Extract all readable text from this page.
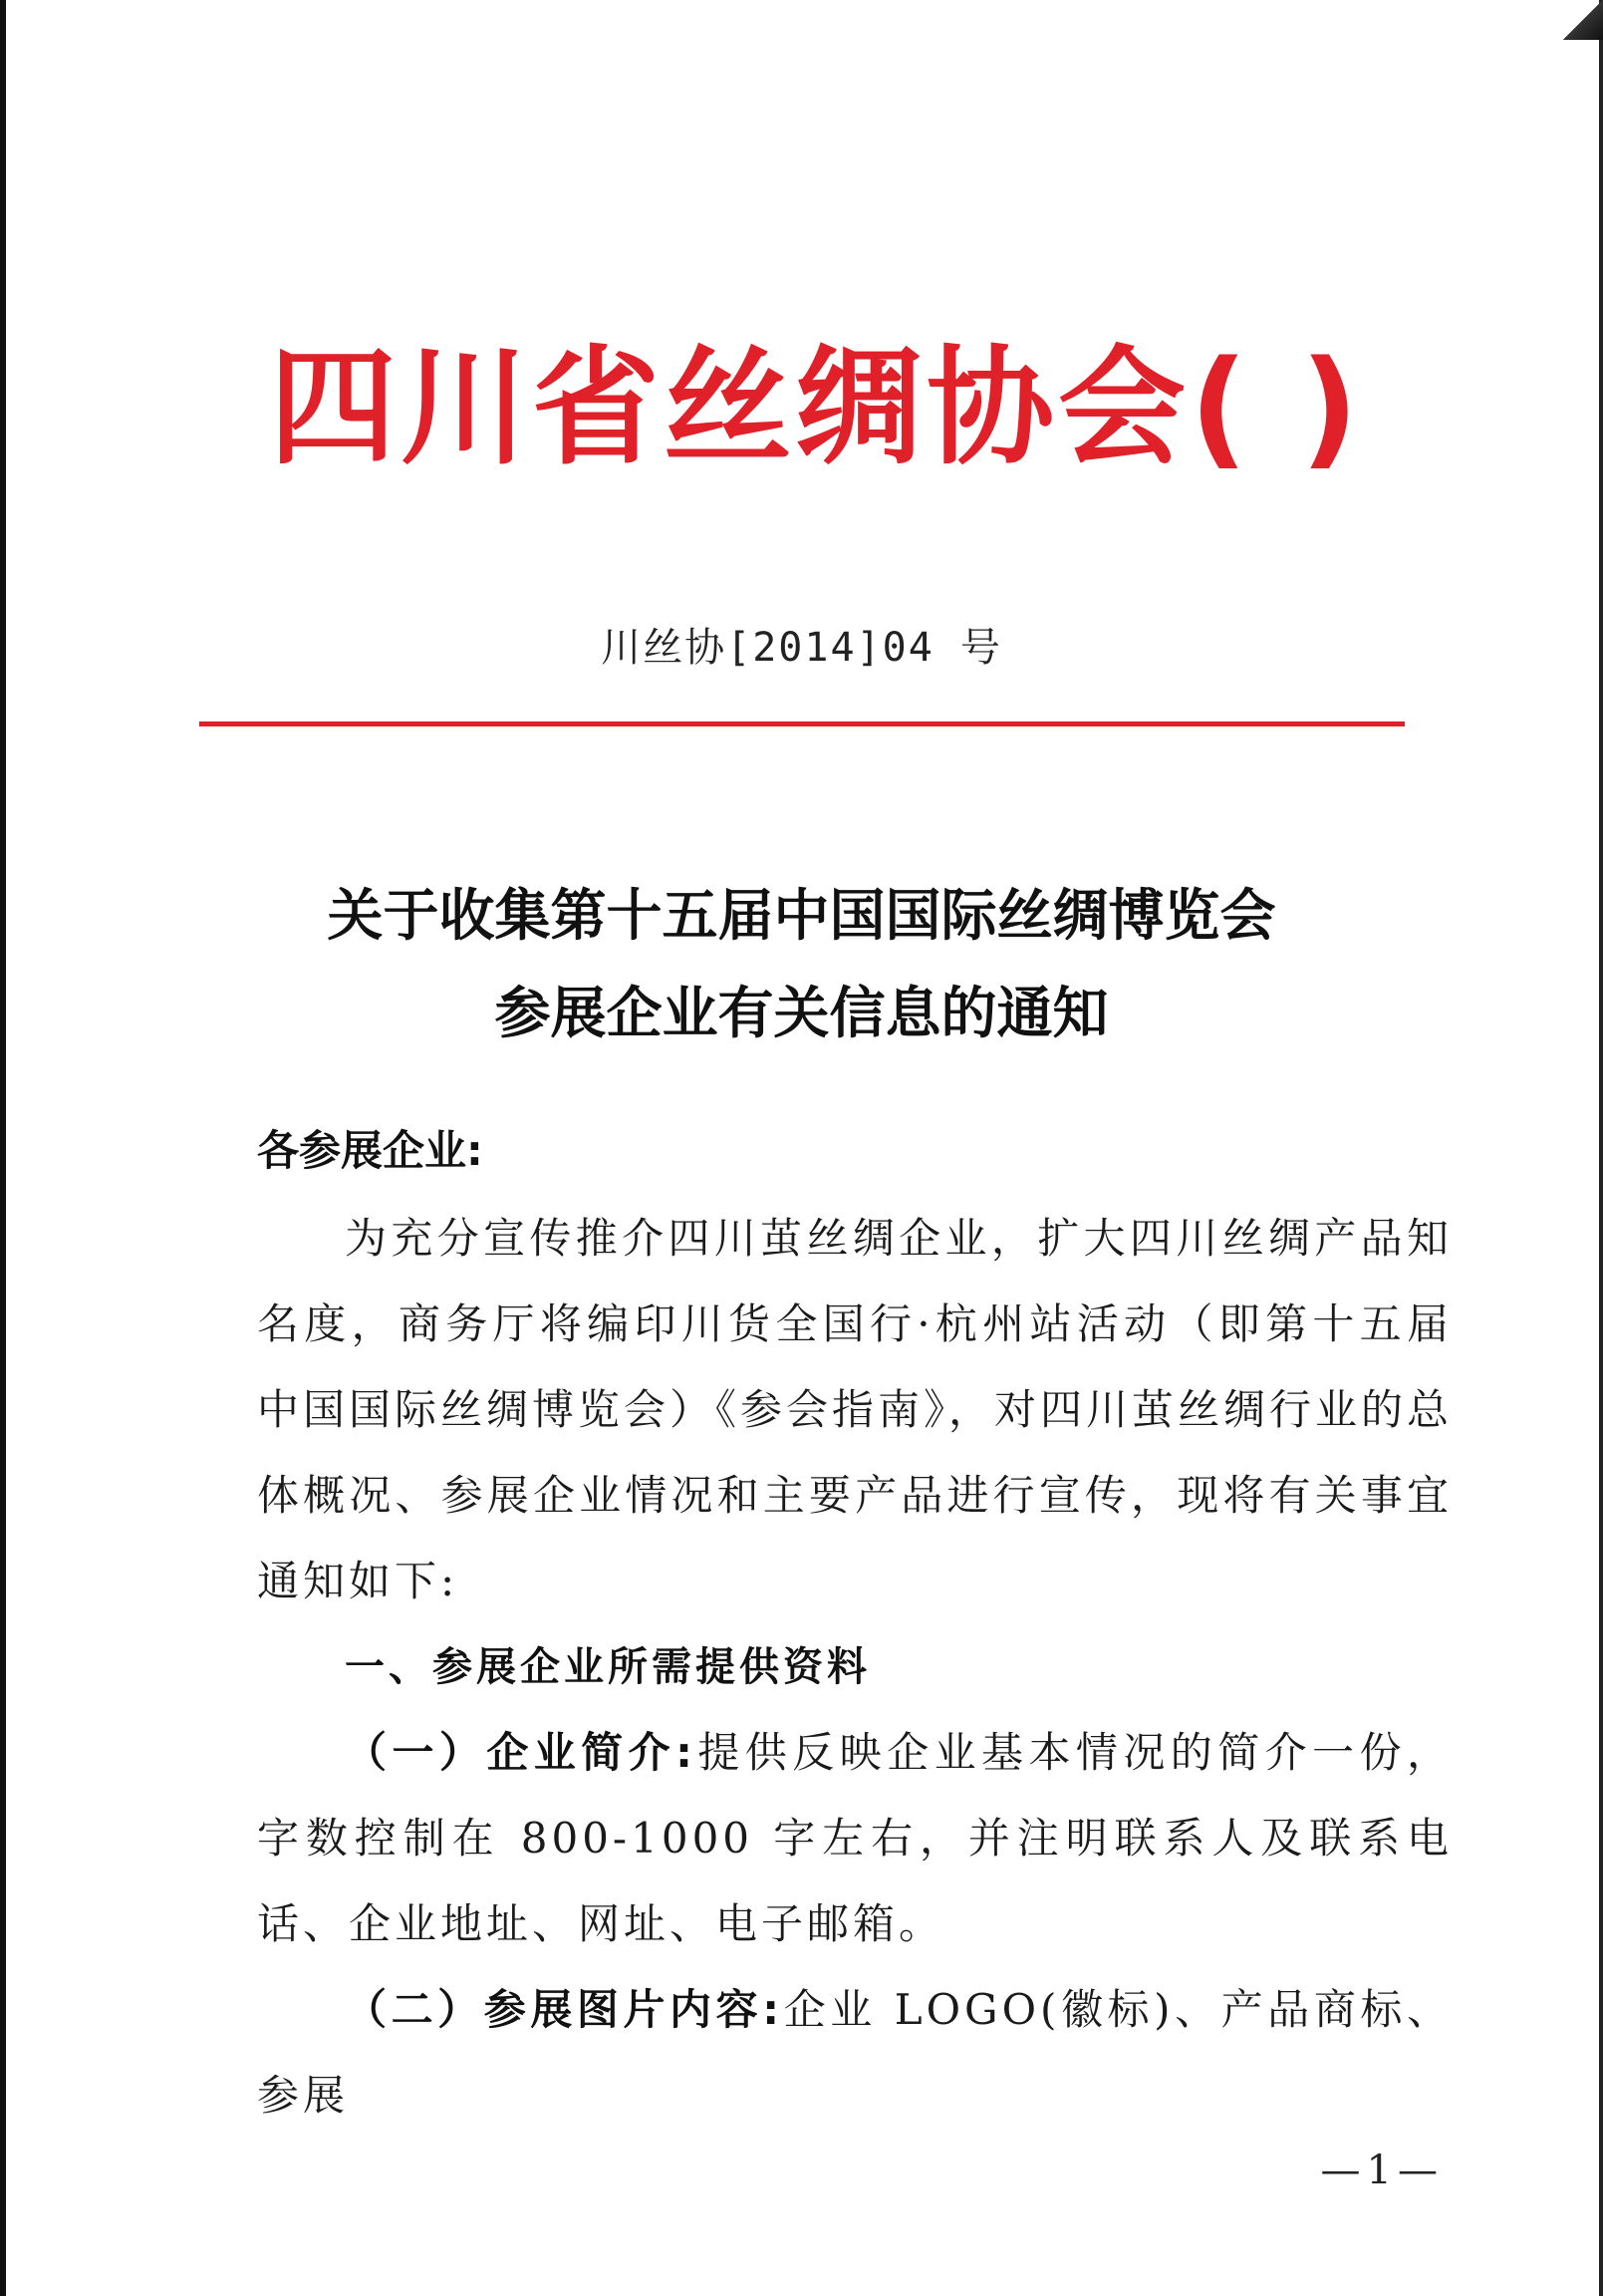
四川省丝绸协会( )
川丝协[2014]04 号
关于收集第十五届中国国际丝绸博览会
参展企业有关信息的通知
各参展企业:

为充分宣传推介四川茧丝绸企业，扩大四川丝绸产品知名度，商务厅将编印川货全国行·杭州站活动（即第十五届中国国际丝绸博览会）《参会指南》，对四川茧丝绸行业的总体概况、参展企业情况和主要产品进行宣传，现将有关事宜通知如下:

一、参展企业所需提供资料

（一）企业简介:提供反映企业基本情况的简介一份，字数控制在 800-1000 字左右，并注明联系人及联系电话、企业地址、网址、电子邮箱。

（二）参展图片内容:企业 LOGO(徽标)、产品商标、参展

—1—
